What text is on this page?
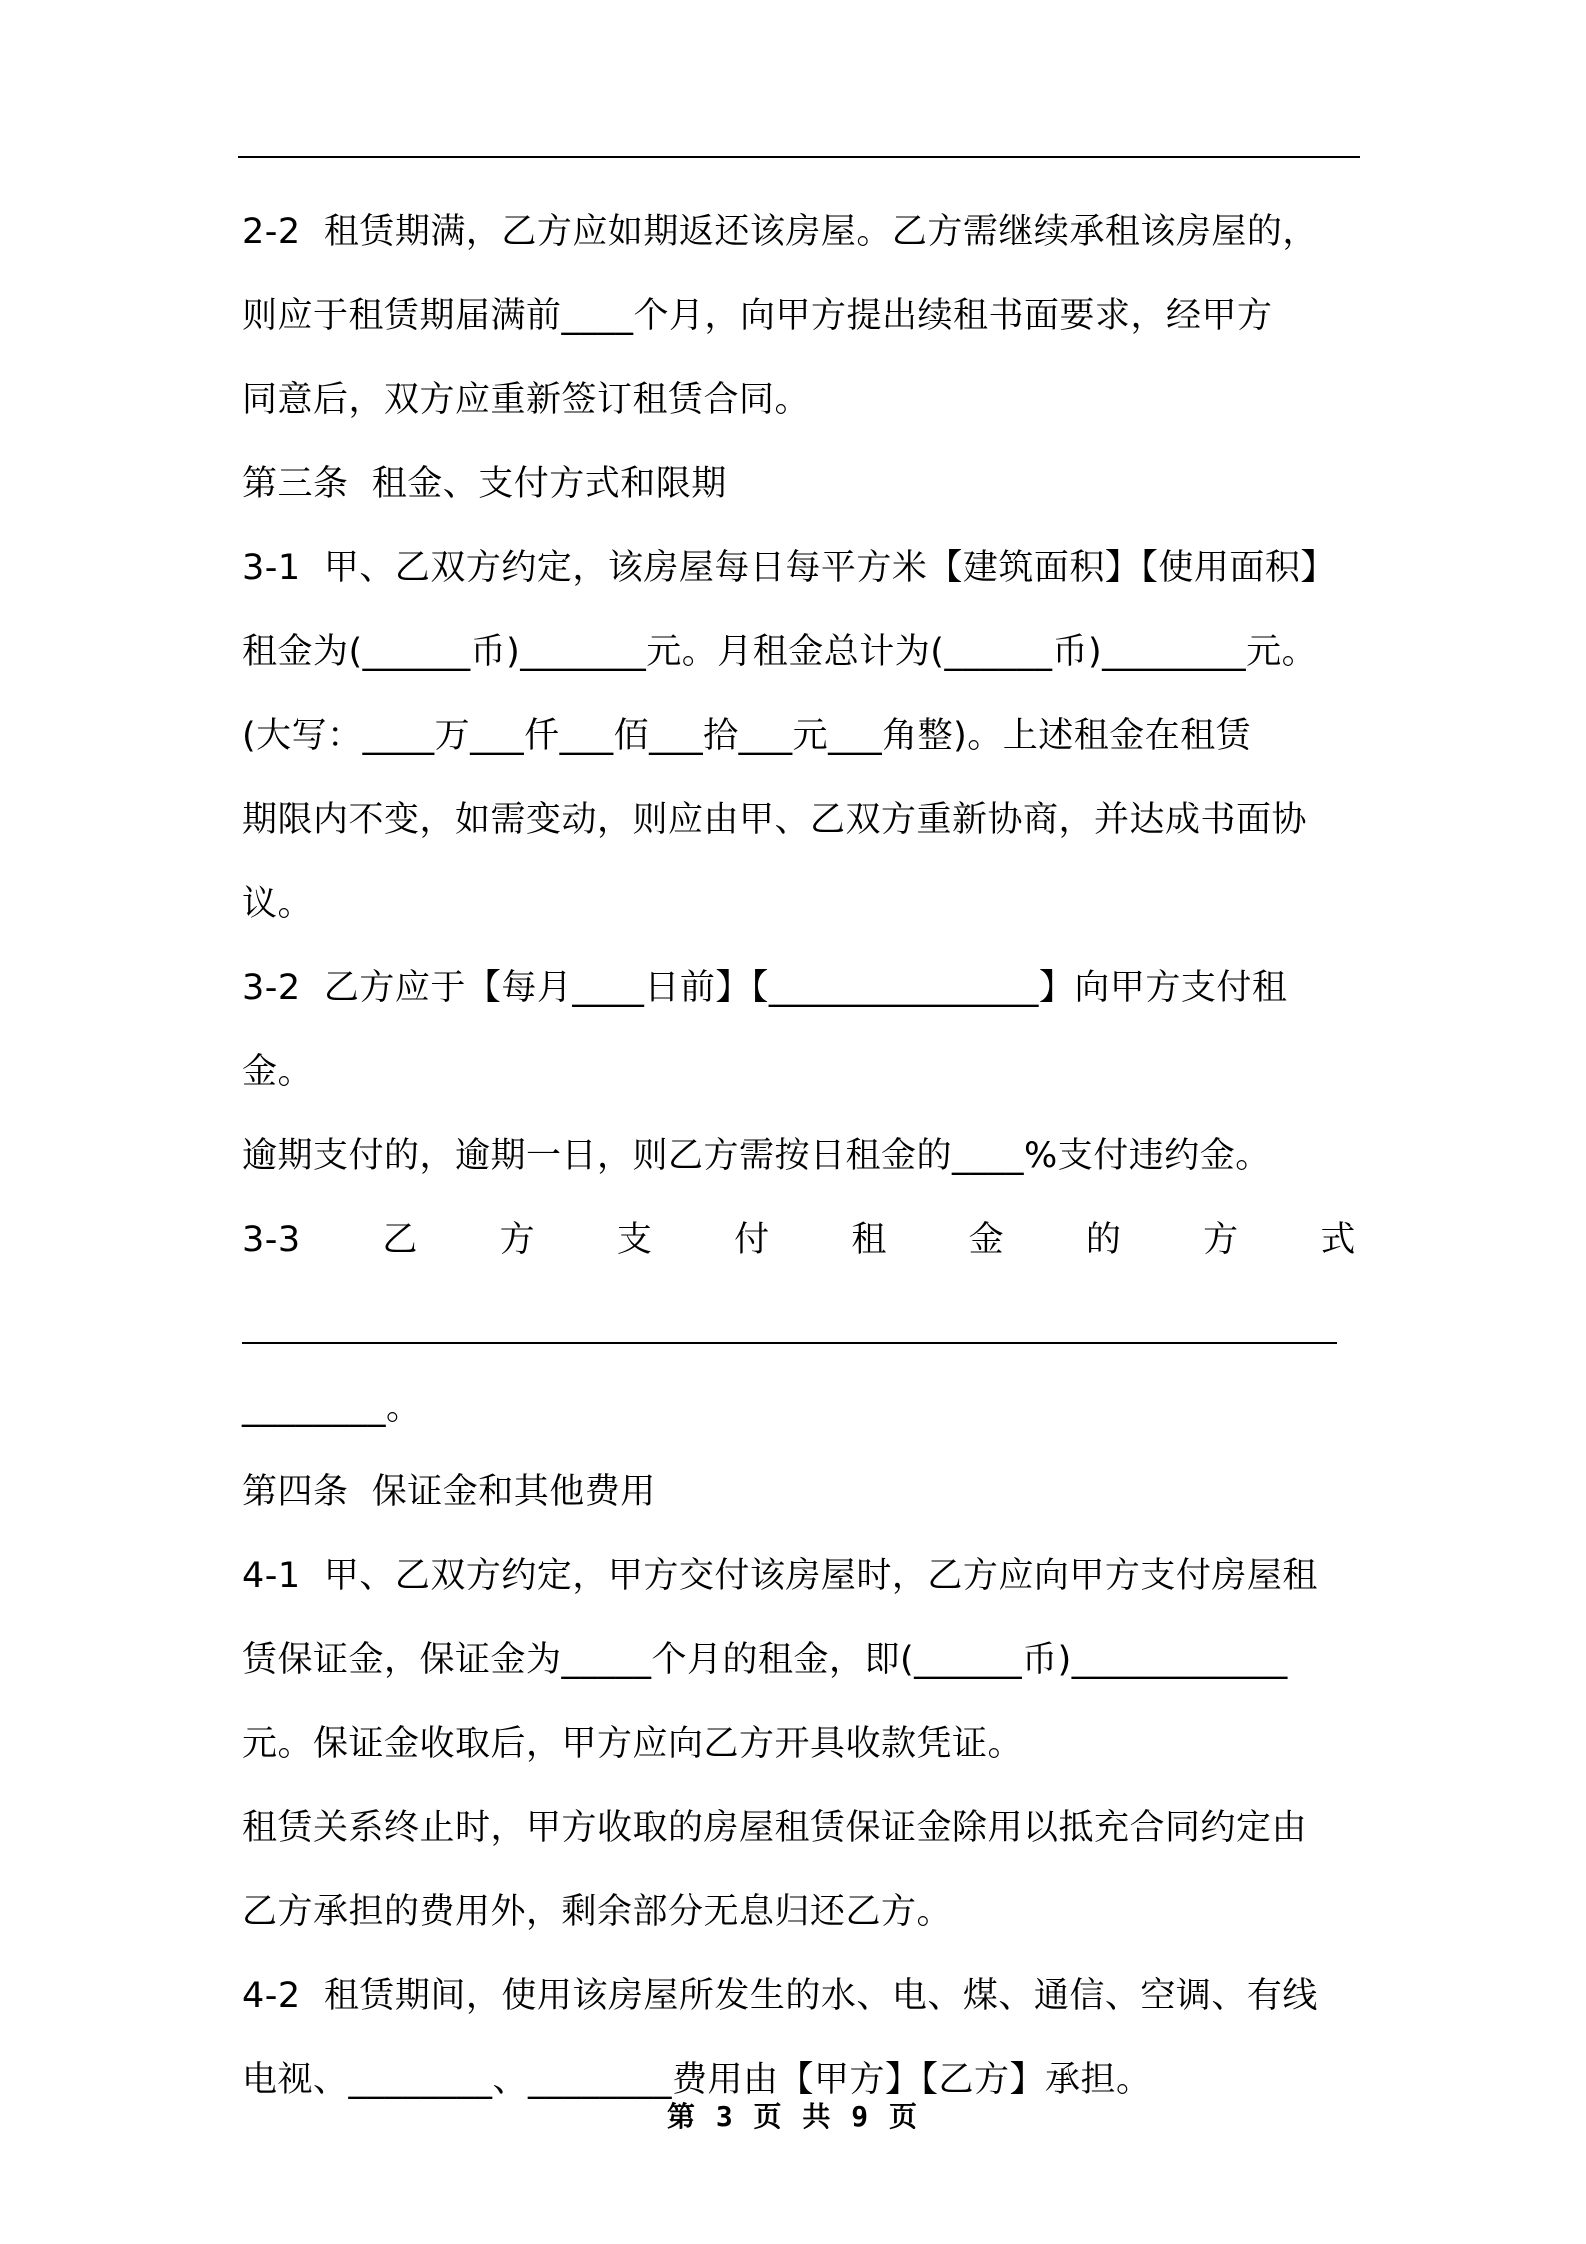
2-2  租赁期满，乙方应如期返还该房屋。乙方需继续承租该房屋的，

则应于租赁期届满前____个月，向甲方提出续租书面要求，经甲方

同意后，双方应重新签订租赁合同。

第三条  租金、支付方式和限期

3-1  甲、乙双方约定，该房屋每日每平方米【建筑面积】【使用面积】

租金为(______币)_______元。月租金总计为(______币)________元。

(大写：____万___仟___佰___拾___元___角整)。上述租金在租赁

期限内不变，如需变动，则应由甲、乙双方重新协商，并达成书面协

议。

3-2  乙方应于【每月____日前】【_______________】向甲方支付租金。

逾期支付的，逾期一日，则乙方需按日租金的____%支付违约金。

3-3 乙 方 支 付 租 金 的 方 式

________。

第四条  保证金和其他费用

4-1  甲、乙双方约定，甲方交付该房屋时，乙方应向甲方支付房屋租

赁保证金，保证金为_____个月的租金，即(______币)____________

元。保证金收取后，甲方应向乙方开具收款凭证。

租赁关系终止时，甲方收取的房屋租赁保证金除用以抵充合同约定由

乙方承担的费用外，剩余部分无息归还乙方。

4-2  租赁期间，使用该房屋所发生的水、电、煤、通信、空调、有线

电视、________、________费用由【甲方】【乙方】承担。

第 3 页 共 9 页
